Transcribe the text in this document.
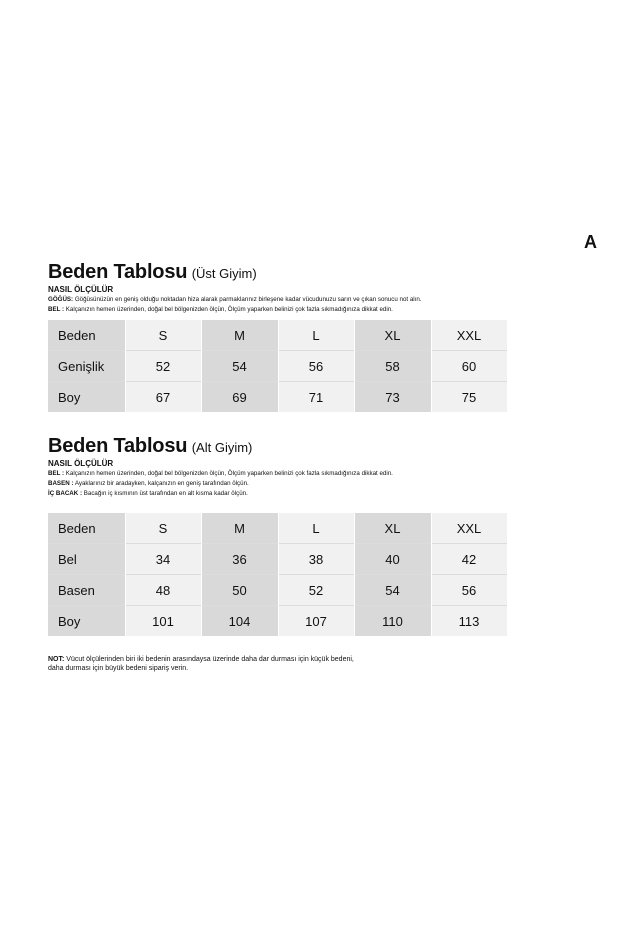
A
Beden Tablosu (Üst Giyim)
NASIL ÖLÇÜLÜR
GÖĞÜS: Göğüsünüzün en geniş olduğu noktadan hiza alarak parmaklarınız birleşene kadar vücudunuzu sarın ve çıkan sonucu not alın.
BEL : Kalçanızın hemen üzerinden, doğal bel bölgenizden ölçün, Ölçüm yaparken belinizi çok fazla sıkmadığınıza dikkat edin.
Beden	S	M	L	XL	XXL
Genişlik	52	54	56	58	60
Boy	67	69	71	73	75
Beden Tablosu (Alt Giyim)
NASIL ÖLÇÜLÜR
BEL : Kalçanızın hemen üzerinden, doğal bel bölgenizden ölçün, Ölçüm yaparken belinizi çok fazla sıkmadığınıza dikkat edin.
BASEN : Ayaklarınız bir aradayken, kalçanızın en geniş tarafından ölçün.
İÇ BACAK : Bacağın iç kısmının üst tarafından en alt kısma kadar ölçün.
Beden	S	M	L	XL	XXL
Bel	34	36	38	40	42
Basen	48	50	52	54	56
Boy	101	104	107	110	113
NOT: Vücut ölçülerinden biri iki bedenin arasındaysa üzerinde daha dar durması için küçük bedeni,
daha durması için büyük bedeni sipariş verin.
